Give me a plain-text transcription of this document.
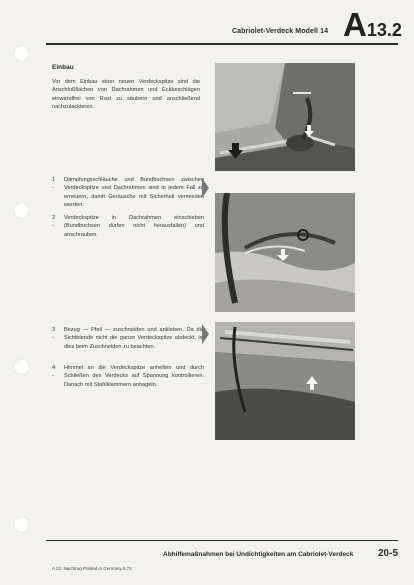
Cabriolet-Verdeck Modell 14 A13.2
Einbau
Vor dem Einbau einer neuen Verdeckspitze sind die Anschlußflächen von Dachrahmen und Eckbeschlägen einwandfrei von Rost zu säubern und anschließend nachzulackieren.
1 -
Dämpfungsschläuche und Bundbuchsen zwischen Verdeckspitze und Dachrahmen sind in jedem Fall zu erneuern, damit Geräusche mit Sicherheit vermieden werden.
2 -
Verdeckspitze in Dachrahmen einschieben (Bundbuchsen dürfen nicht herausfallen) und anschrauben.
3 -
Bezug — Pfeil — zuschneiden und ankleben. Da die Sichtblende nicht die ganze Verdeckspitze abdeckt, ist dies beim Zuschneiden zu beachten.
4 -
Himmel an die Verdeckspitze anheften und durch Schließen des Verdecks auf Spannung kontrollieren. Danach mit Stahlklammern annageln.
Abhilfemaßnahmen bei Undichtigkeiten am Cabriolet-Verdeck 20-5
A 22. Nachtrag Printed in Germany 6.72
